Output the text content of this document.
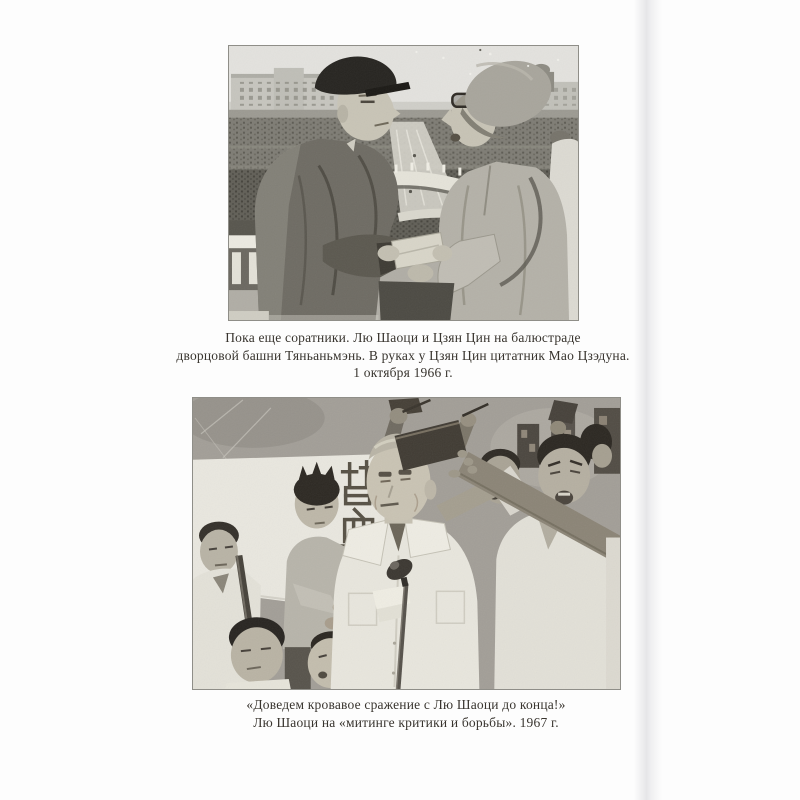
Пока еще соратники. Лю Шаоци и Цзян Цин на балюстраде
дворцовой башни Тяньаньмэнь. В руках у Цзян Цин цитатник Мао Цзэдуна.
1 октября 1966 г.
«Доведем кровавое сражение с Лю Шаоци до конца!»
Лю Шаоци на «митинге критики и борьбы». 1967 г.
